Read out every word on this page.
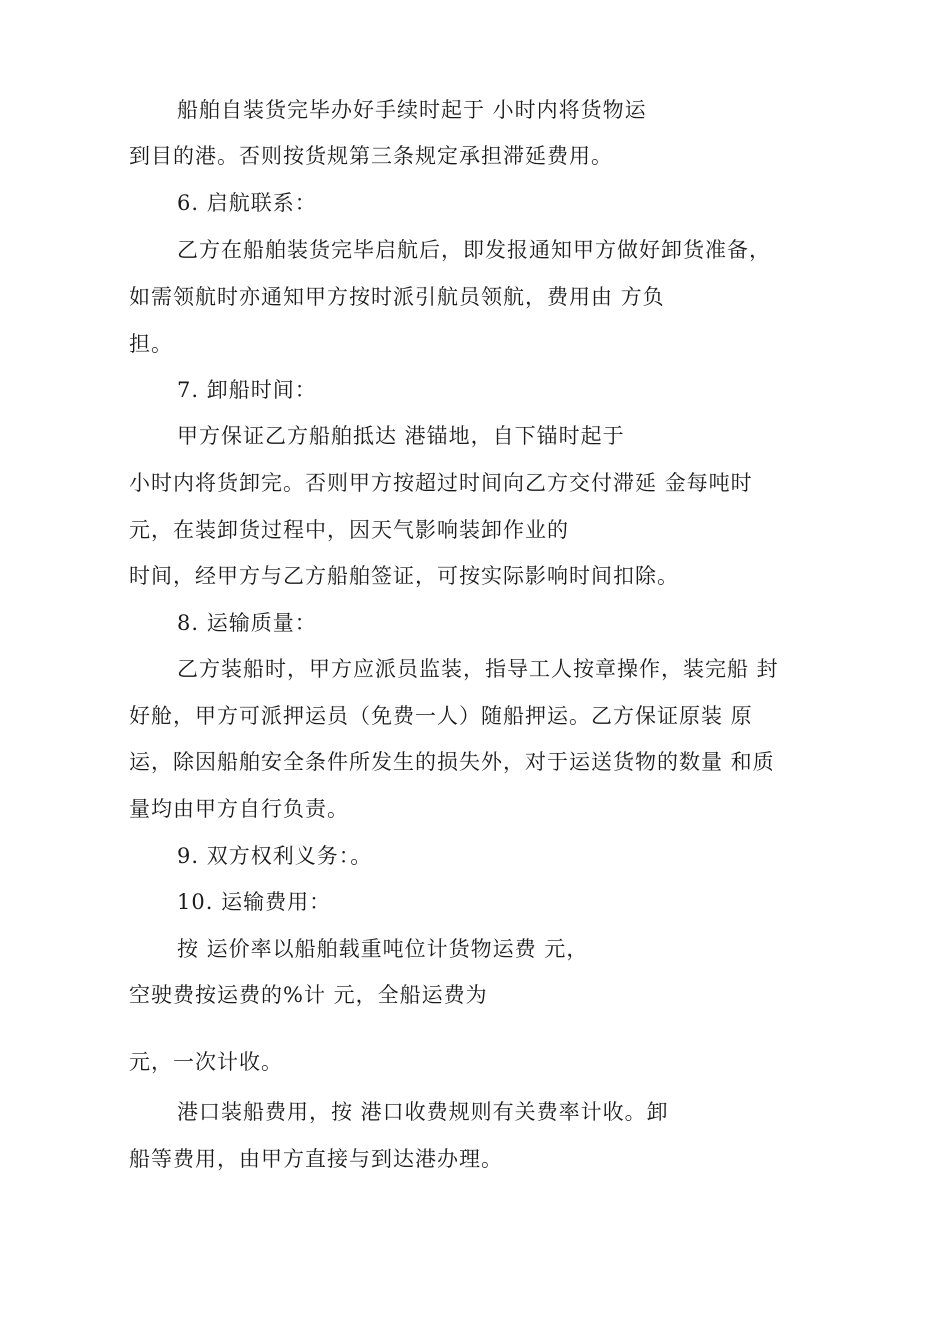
船舶自装货完毕办好手续时起于 小时内将货物运

到目的港。否则按货规第三条规定承担滞延费用。

6. 启航联系：

乙方在船舶装货完毕启航后，即发报通知甲方做好卸货准备，

如需领航时亦通知甲方按时派引航员领航，费用由 方负

担。

7. 卸船时间：

甲方保证乙方船舶抵达 港锚地，自下锚时起于

小时内将货卸完。否则甲方按超过时间向乙方交付滞延 金每吨时

元，在装卸货过程中，因天气影响装卸作业的

时间，经甲方与乙方船舶签证，可按实际影响时间扣除。

8. 运输质量：

乙方装船时，甲方应派员监装，指导工人按章操作，装完船 封

好舱，甲方可派押运员（免费一人）随船押运。乙方保证原装 原

运，除因船舶安全条件所发生的损失外，对于运送货物的数量 和质

量均由甲方自行负责。

9. 双方权利义务：。

10. 运输费用：

按 运价率以船舶载重吨位计货物运费 元，

空驶费按运费的%计 元，全船运费为

元，一次计收。

港口装船费用，按 港口收费规则有关费率计收。卸

船等费用，由甲方直接与到达港办理。
